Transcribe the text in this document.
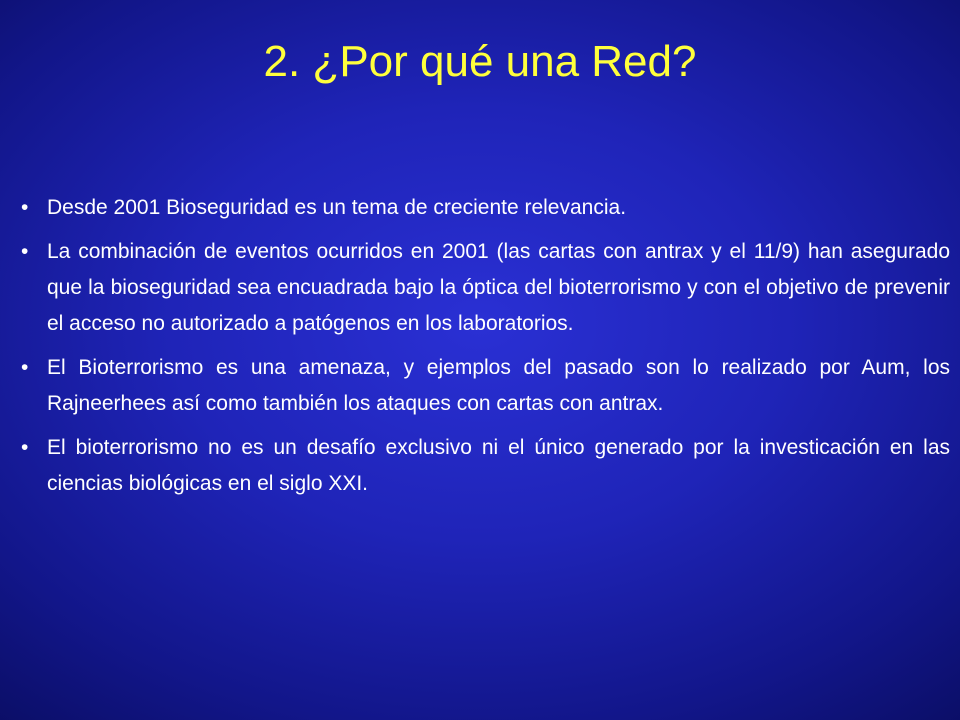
2. ¿Por qué una Red?
• Desde 2001 Bioseguridad es un tema de creciente relevancia.
• La combinación de eventos ocurridos en 2001 (las cartas con antrax y el 11/9) han asegurado que la bioseguridad sea encuadrada bajo la óptica del bioterrorismo y con el objetivo de prevenir el acceso no autorizado a patógenos en los laboratorios.
• El Bioterrorismo es una amenaza, y ejemplos del pasado son lo realizado por Aum, los Rajneerhees así como también los ataques con cartas con antrax.
• El bioterrorismo no es un desafío exclusivo ni el único generado por la investicación en las ciencias biológicas en el siglo XXI.
